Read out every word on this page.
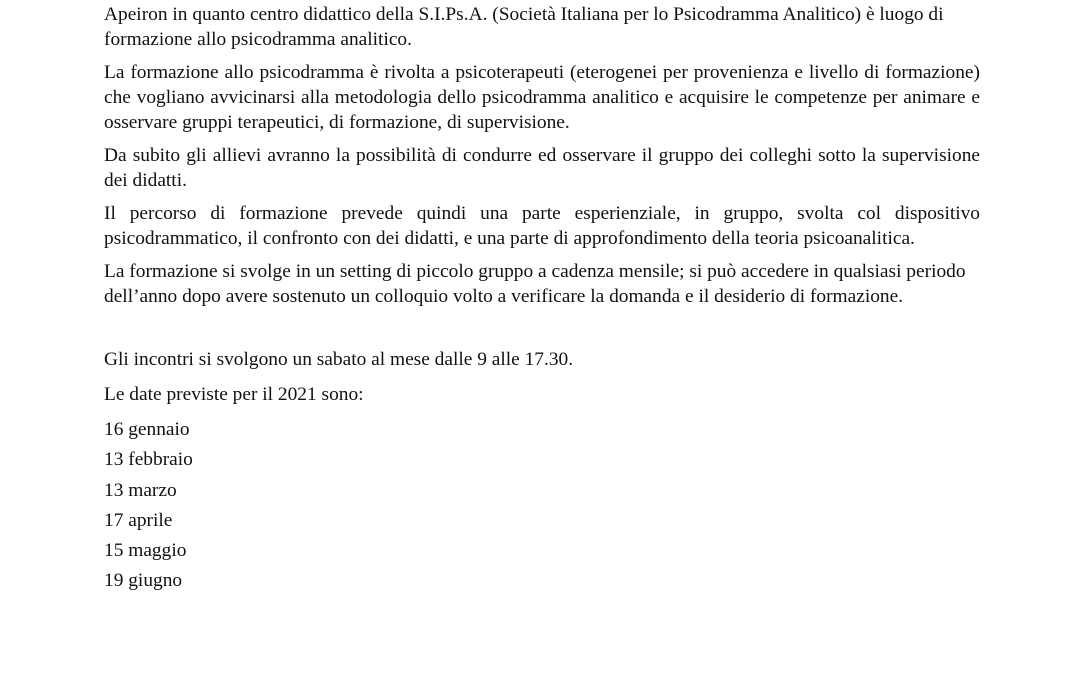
Apeiron in quanto centro didattico della S.I.Ps.A. (Società Italiana per lo Psicodramma Analitico) è luogo di formazione allo psicodramma analitico.

La formazione allo psicodramma è rivolta a psicoterapeuti (eterogenei per provenienza e livello di formazione) che vogliano avvicinarsi alla metodologia dello psicodramma analitico e acquisire le competenze per animare e osservare gruppi terapeutici, di formazione, di supervisione.

Da subito gli allievi avranno la possibilità di condurre ed osservare il gruppo dei colleghi sotto la supervisione dei didatti.

Il percorso di formazione prevede quindi una parte esperienziale, in gruppo, svolta col dispositivo psicodrammatico, il confronto con dei didatti, e una parte di approfondimento della teoria psicoanalitica.

La formazione si svolge in un setting di piccolo gruppo a cadenza mensile; si può accedere in qualsiasi periodo dell’anno dopo avere sostenuto un colloquio volto a verificare la domanda e il desiderio di formazione.

Gli incontri si svolgono un sabato al mese dalle 9 alle 17.30.

Le date previste per il 2021 sono:

16 gennaio
13 febbraio
13 marzo
17 aprile
15 maggio
19 giugno
